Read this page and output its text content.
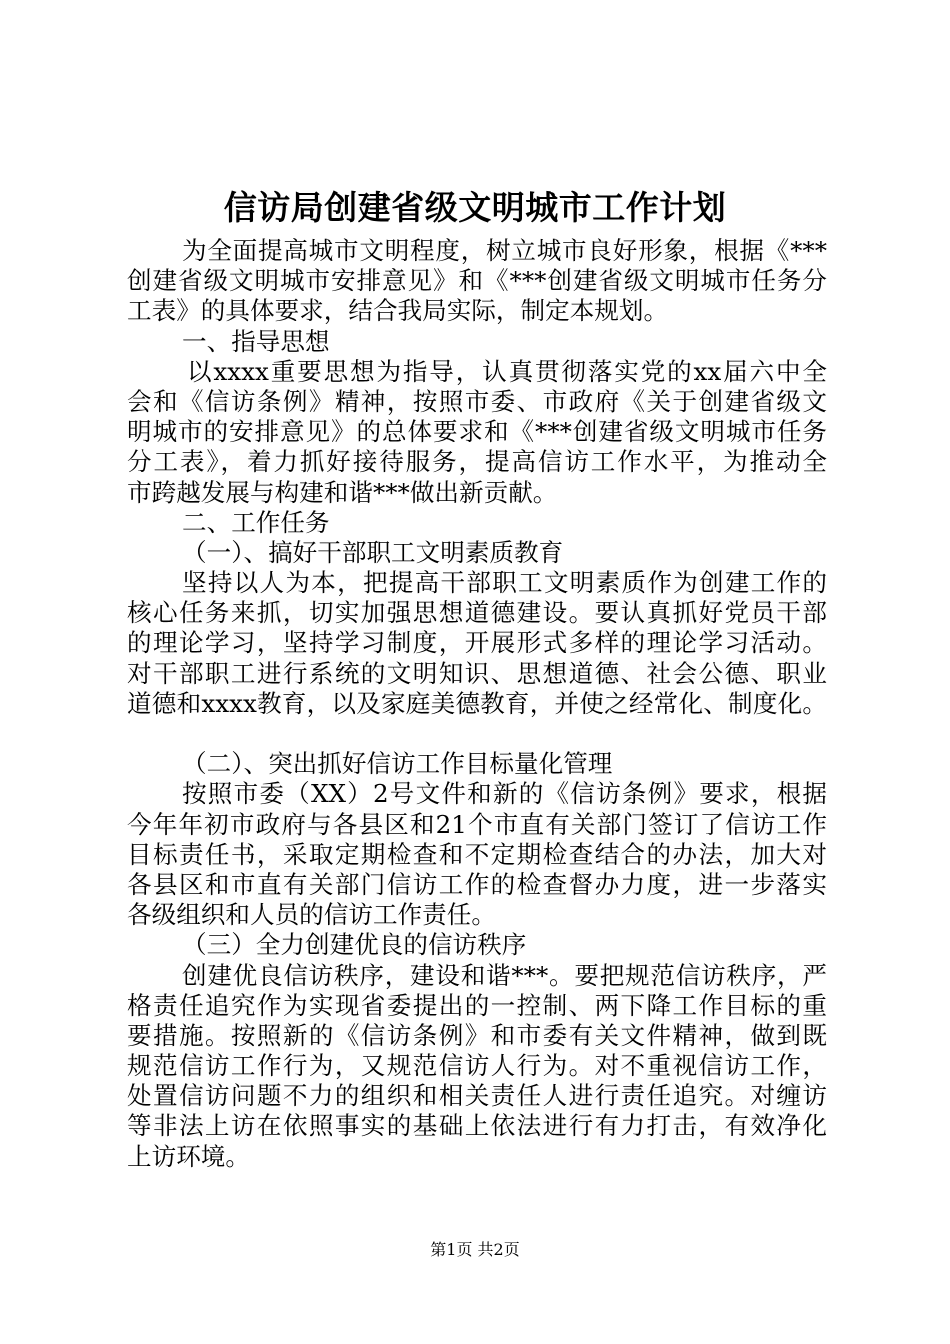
信访局创建省级文明城市工作计划
为全面提高城市文明程度，树立城市良好形象，根据《***
创建省级文明城市安排意见》和《***创建省级文明城市任务分
工表》的具体要求，结合我局实际，制定本规划。
一、指导思想
以xxxx重要思想为指导，认真贯彻落实党的xx届六中全
会和《信访条例》精神，按照市委、市政府《关于创建省级文
明城市的安排意见》的总体要求和《***创建省级文明城市任务
分工表》，着力抓好接待服务，提高信访工作水平，为推动全
市跨越发展与构建和谐***做出新贡献。
二、工作任务
（一）、搞好干部职工文明素质教育
坚持以人为本，把提高干部职工文明素质作为创建工作的
核心任务来抓，切实加强思想道德建设。要认真抓好党员干部
的理论学习，坚持学习制度，开展形式多样的理论学习活动。
对干部职工进行系统的文明知识、思想道德、社会公德、职业
道德和xxxx教育，以及家庭美德教育，并使之经常化、制度化。
（二）、突出抓好信访工作目标量化管理
按照市委（XX）2号文件和新的《信访条例》要求，根据
今年年初市政府与各县区和21个市直有关部门签订了信访工作
目标责任书，采取定期检查和不定期检查结合的办法，加大对
各县区和市直有关部门信访工作的检查督办力度，进一步落实
各级组织和人员的信访工作责任。
（三）全力创建优良的信访秩序
创建优良信访秩序，建设和谐***。要把规范信访秩序，严
格责任追究作为实现省委提出的一控制、两下降工作目标的重
要措施。按照新的《信访条例》和市委有关文件精神，做到既
规范信访工作行为，又规范信访人行为。对不重视信访工作，
处置信访问题不力的组织和相关责任人进行责任追究。对缠访
等非法上访在依照事实的基础上依法进行有力打击，有效净化
上访环境。
第1页 共2页
